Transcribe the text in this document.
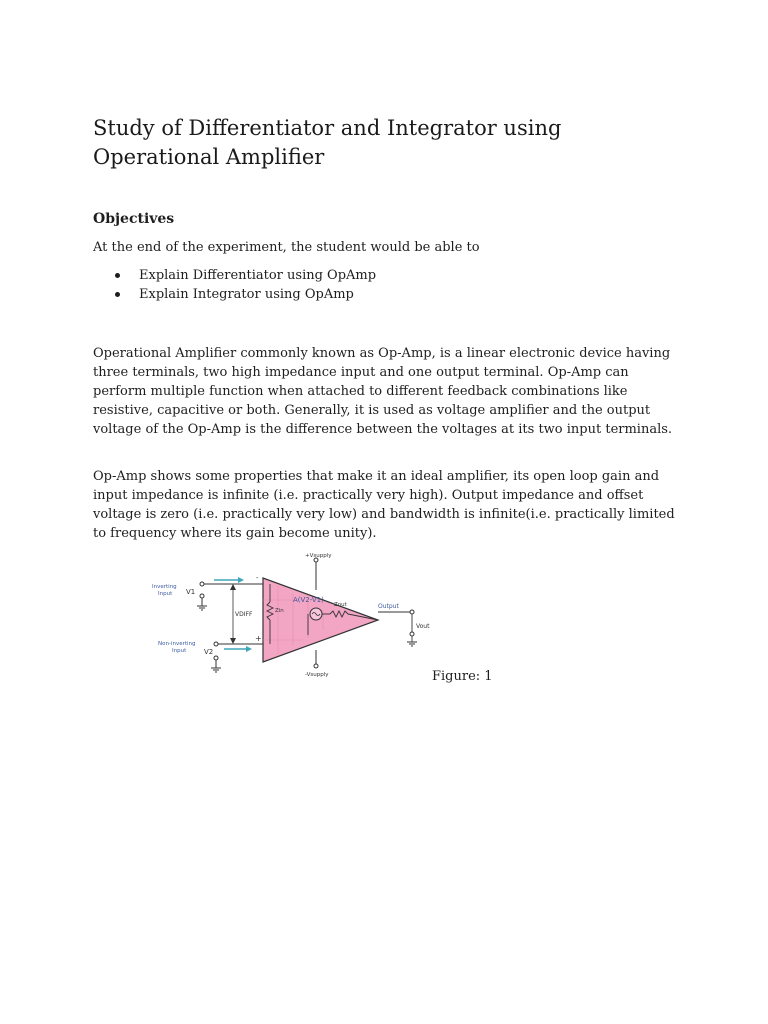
Study of Differentiator and Integrator using Operational Amplifier
Objectives

At the end of the experiment, the student would be able to

Explain Differentiator using OpAmp
Explain Integrator using OpAmp

Operational Amplifier commonly known as Op-Amp, is a linear electronic device having three terminals, two high impedance input and one output terminal. Op-Amp can perform multiple function when attached to different feedback combinations like resistive, capacitive or both. Generally, it is used as voltage amplifier and the output voltage of the Op-Amp is the difference between the voltages at its two input terminals.

Op-Amp shows some properties that make it an ideal amplifier, its open loop gain and input impedance is infinite (i.e. practically very high). Output impedance and offset voltage is zero (i.e. practically very low) and bandwidth is infinite(i.e. practically limited to frequency where its gain become unity).

+Vsupply
-Vsupply
Inverting
Input V1
-
Non-inverting
Input	V2
+
VDIFF	Zin
A(V2-V1)
Zout	Output
Vout

Figure: 1
